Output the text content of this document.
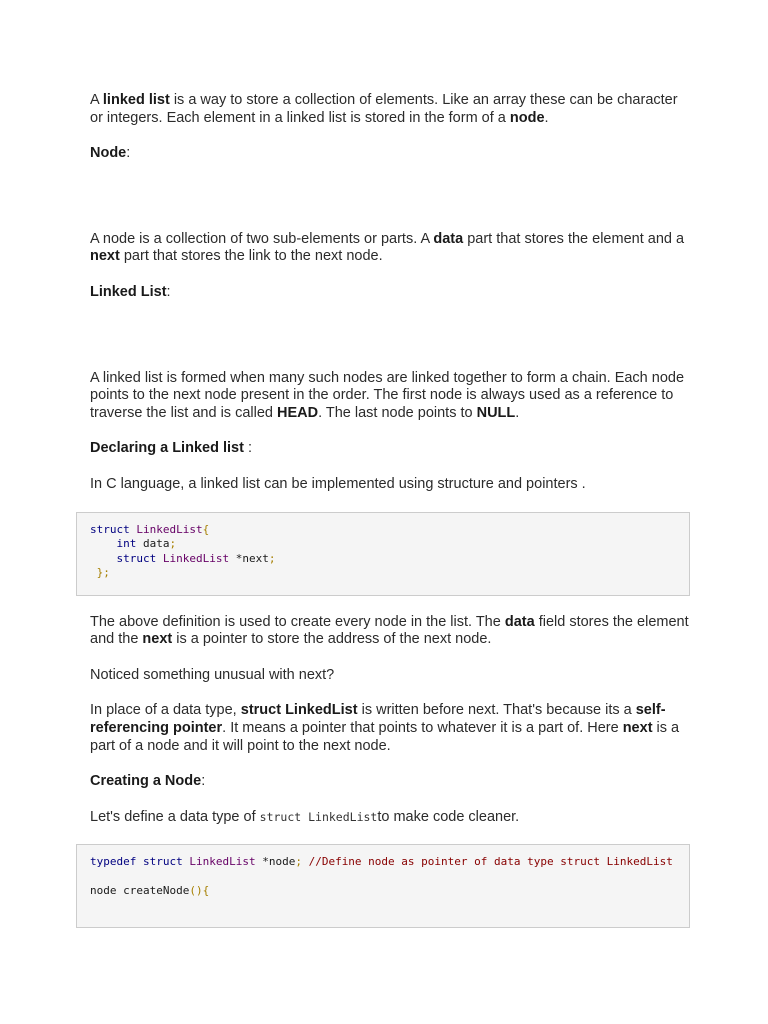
A linked list is a way to store a collection of elements. Like an array these can be character or integers. Each element in a linked list is stored in the form of a node.

Node:

A node is a collection of two sub-elements or parts. A data part that stores the element and a next part that stores the link to the next node.

Linked List:

A linked list is formed when many such nodes are linked together to form a chain. Each node points to the next node present in the order. The first node is always used as a reference to traverse the list and is called HEAD. The last node points to NULL.

Declaring a Linked list :

In C language, a linked list can be implemented using structure and pointers .

struct LinkedList{
int data;
struct LinkedList *next;
};

The above definition is used to create every node in the list. The data field stores the element and the next is a pointer to store the address of the next node.

Noticed something unusual with next?

In place of a data type, struct LinkedList is written before next. That's because its a self-referencing pointer. It means a pointer that points to whatever it is a part of. Here next is a part of a node and it will point to the next node.

Creating a Node:

Let's define a data type of struct LinkedListto make code cleaner.

typedef struct LinkedList *node; //Define node as pointer of data type struct LinkedList
node createNode(){
